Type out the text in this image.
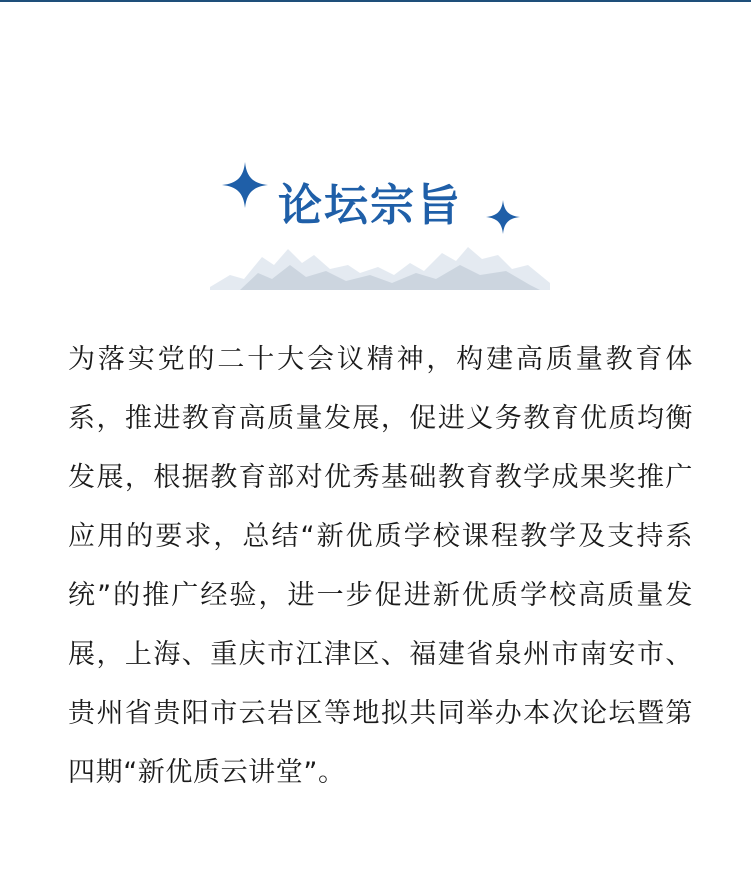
论坛宗旨

为落实党的二十大会议精神，构建高质量教育体系，推进教育高质量发展，促进义务教育优质均衡发展，根据教育部对优秀基础教育教学成果奖推广应用的要求，总结“新优质学校课程教学及支持系统”的推广经验，进一步促进新优质学校高质量发展，上海、重庆市江津区、福建省泉州市南安市、贵州省贵阳市云岩区等地拟共同举办本次论坛暨第四期“新优质云讲堂”。
